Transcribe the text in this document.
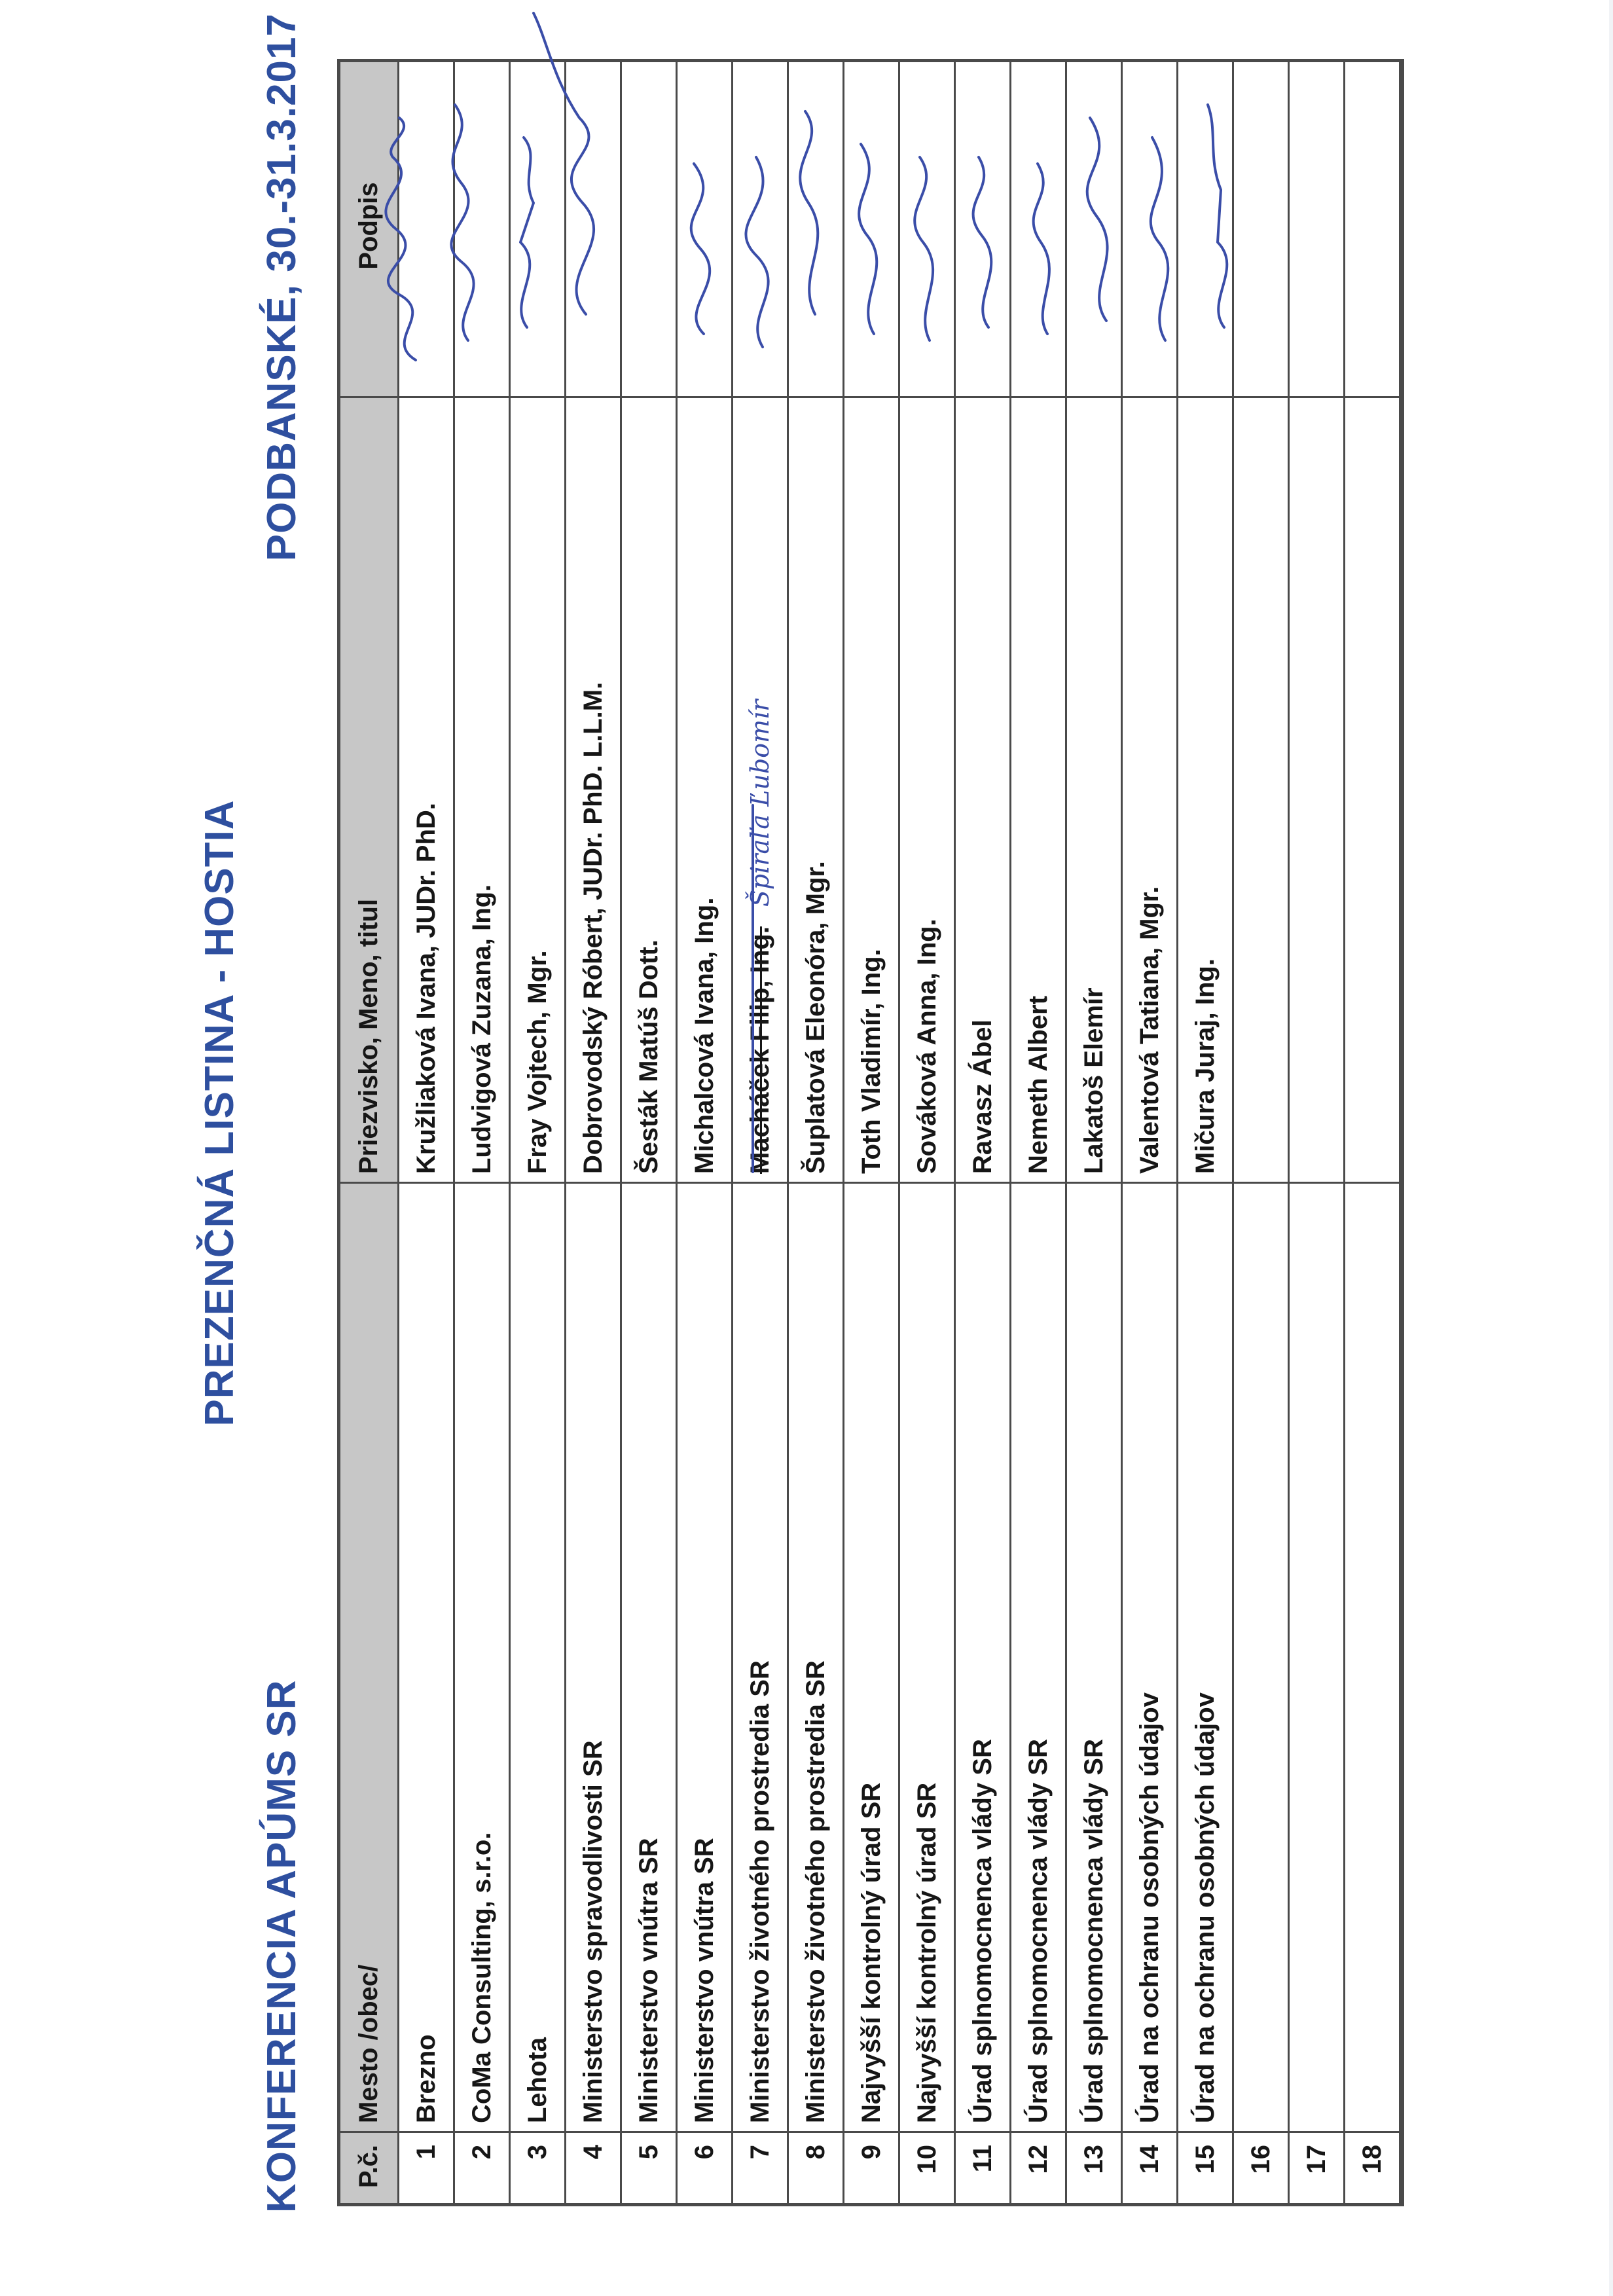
PREZENČNÁ LISTINA - HOSTIA
KONFERENCIA APÚMS SR
PODBANSKÉ, 30.-31.3.2017
P.č.
Mesto /obec/
Priezvisko, Meno, titul
Podpis
1
Brezno
Kružliaková Ivana, JUDr. PhD.
2
CoMa Consulting, s.r.o.
Ludvigová Zuzana, Ing.
3
Lehota
Fray Vojtech, Mgr.
4
Ministerstvo spravodlivosti SR
Dobrovodský Róbert, JUDr. PhD. L.L.M.
5
Ministerstvo vnútra SR
Šesták Matúš Dott.
6
Ministerstvo vnútra SR
Michalcová Ivana, Ing.
7
Ministerstvo životného prostredia SR
Macháček Filip, Ing.
Špiraľa Ľubomír
8
Ministerstvo životného prostredia SR
Šuplatová Eleonóra, Mgr.
9
Najvyšší kontrolný úrad SR
Toth Vladimír, Ing.
10
Najvyšší kontrolný úrad SR
Sováková Anna, Ing.
11
Úrad splnomocnenca vlády SR
Ravasz Ábel
12
Úrad splnomocnenca vlády SR
Nemeth Albert
13
Úrad splnomocnenca vlády SR
Lakatoš Elemír
14
Úrad na ochranu osobných údajov
Valentová Tatiana, Mgr.
15
Úrad na ochranu osobných údajov
Mičura Juraj, Ing.
16	17	18
